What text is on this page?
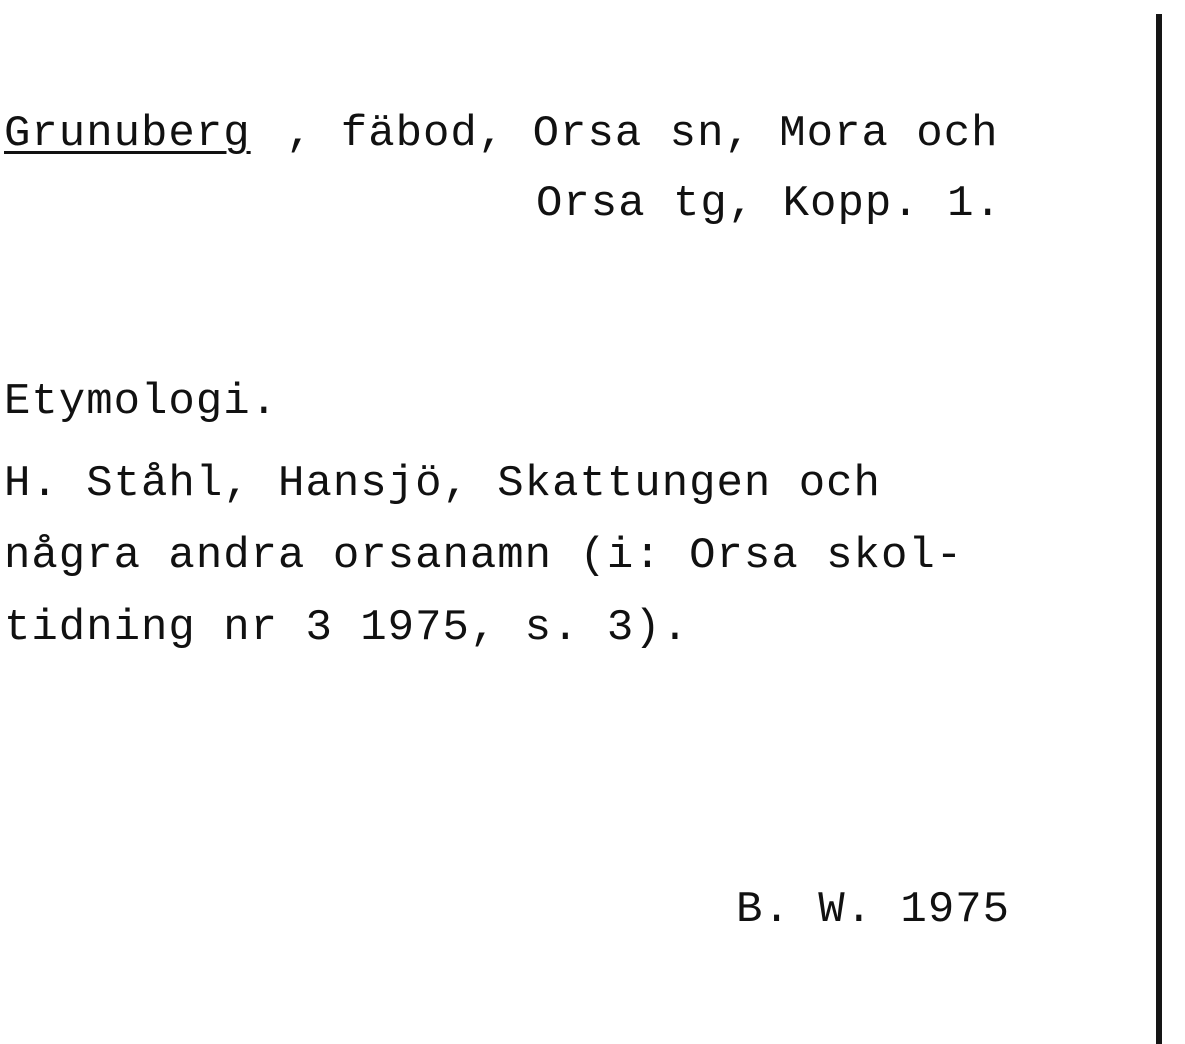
Grunuberg , fäbod, Orsa sn, Mora och
Orsa tg, Kopp. 1.
Etymologi.
H. Ståhl, Hansjö, Skattungen och
några andra orsanamn (i: Orsa skol-
tidning nr 3 1975, s. 3).
B. W. 1975
